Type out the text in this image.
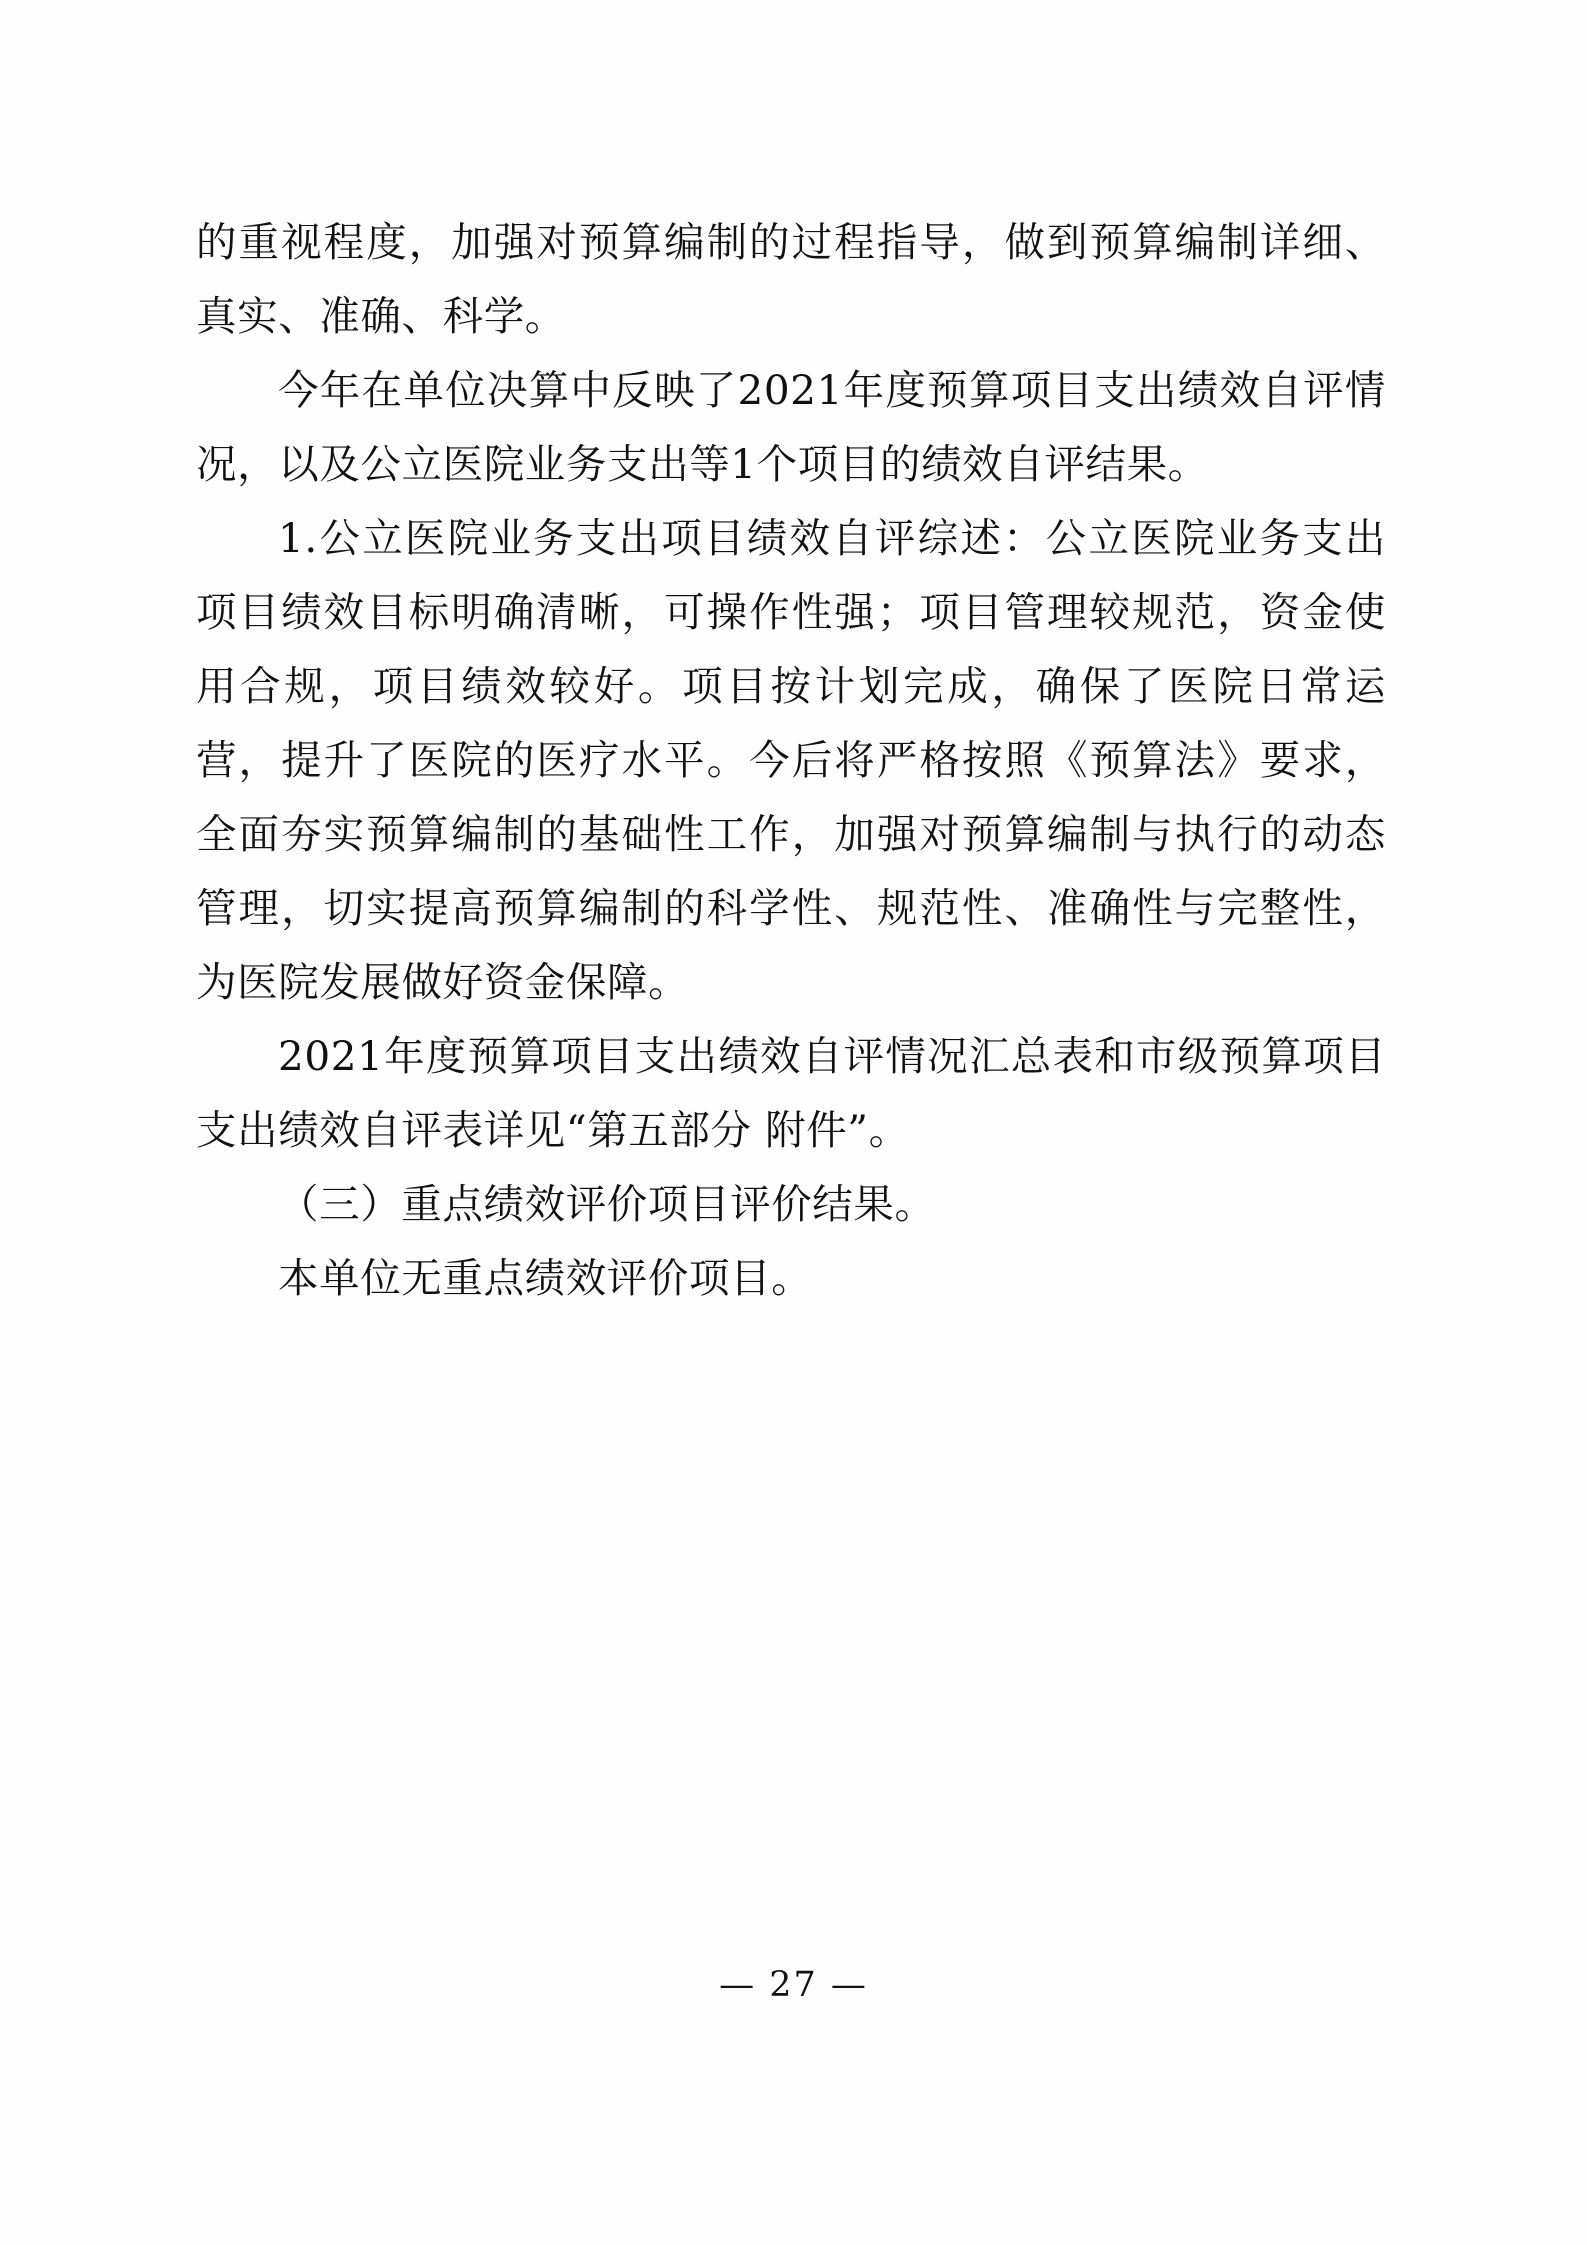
的重视程度，加强对预算编制的过程指导，做到预算编制详细、真实、准确、科学。

今年在单位决算中反映了2021年度预算项目支出绩效自评情况，以及公立医院业务支出等1个项目的绩效自评结果。

1.公立医院业务支出项目绩效自评综述：公立医院业务支出项目绩效目标明确清晰，可操作性强；项目管理较规范，资金使用合规，项目绩效较好。项目按计划完成，确保了医院日常运营，提升了医院的医疗水平。今后将严格按照《预算法》要求，全面夯实预算编制的基础性工作，加强对预算编制与执行的动态管理，切实提高预算编制的科学性、规范性、准确性与完整性，为医院发展做好资金保障。

2021年度预算项目支出绩效自评情况汇总表和市级预算项目支出绩效自评表详见“第五部分 附件”。

（三）重点绩效评价项目评价结果。

本单位无重点绩效评价项目。

— 27 —
